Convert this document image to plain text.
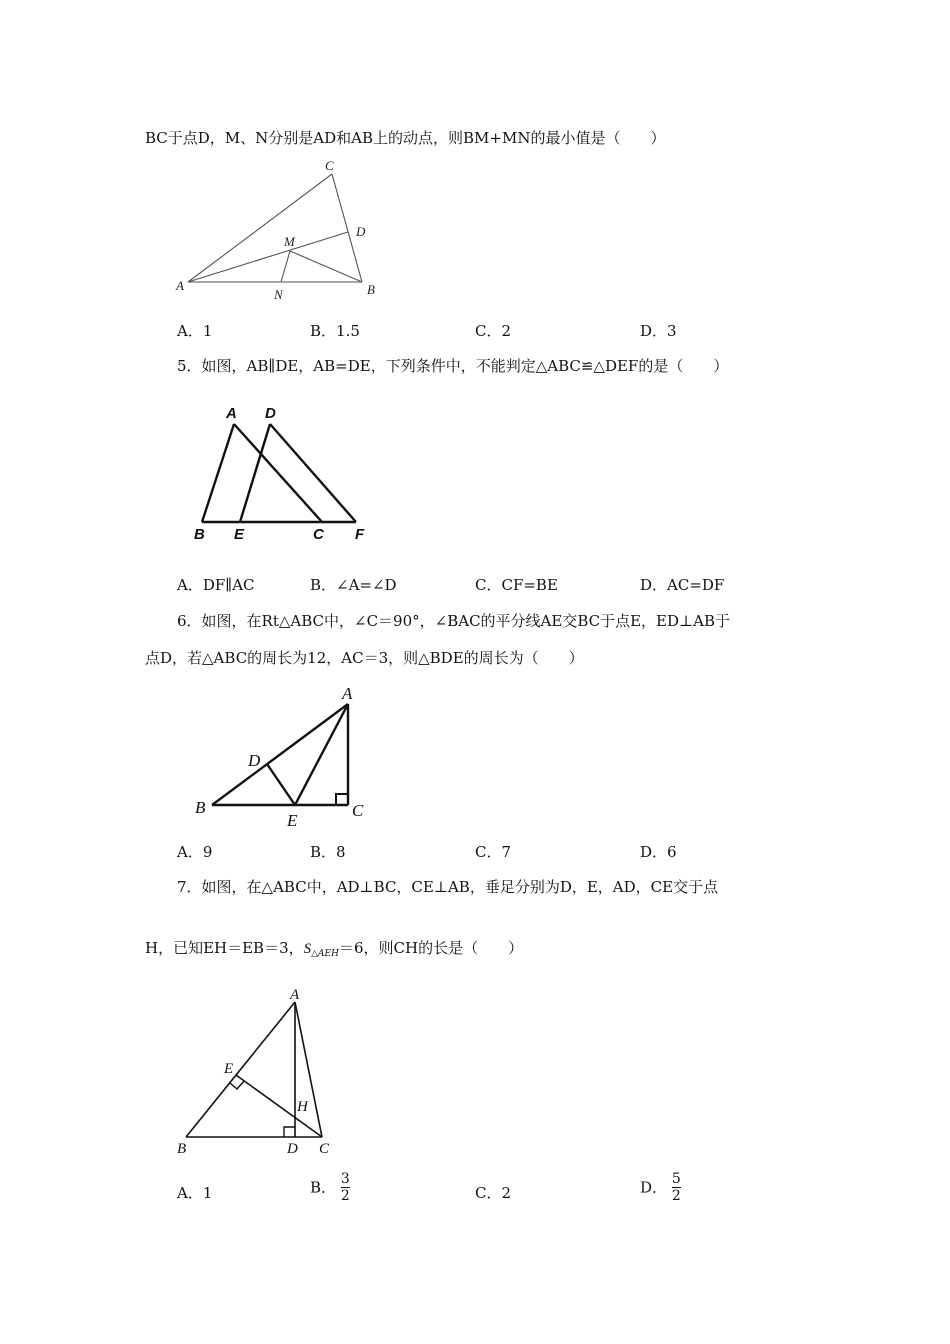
BC于点D，M、N分别是AD和AB上的动点，则BM+MN的最小值是（　　）
C
D
M
A
N	B
A．1	B．1.5	C．2	D．3
5．如图，AB∥DE，AB=DE，下列条件中，不能判定△ABC≌△DEF的是（　　）
A D
B E	C F
A．DF∥AC	B．∠A=∠D	C．CF=BE	D．AC=DF
6．如图，在Rt△ABC中，∠C＝90°，∠BAC的平分线AE交BC于点E，ED⊥AB于
点D，若△ABC的周长为12，AC＝3，则△BDE的周长为（　　）
A
D
B
E
C
A．9	B．8	C．7	D．6
7．如图，在△ABC中，AD⊥BC，CE⊥AB，垂足分别为D，E，AD，CE交于点
H，已知EH＝EB＝3，$S_{\triangle AEH}=6$，则CH的长是（　　）
A
E
H
B	D C
A．1	B． $\frac{3}{2}$	C．2	D． $\frac{5}{2}$
